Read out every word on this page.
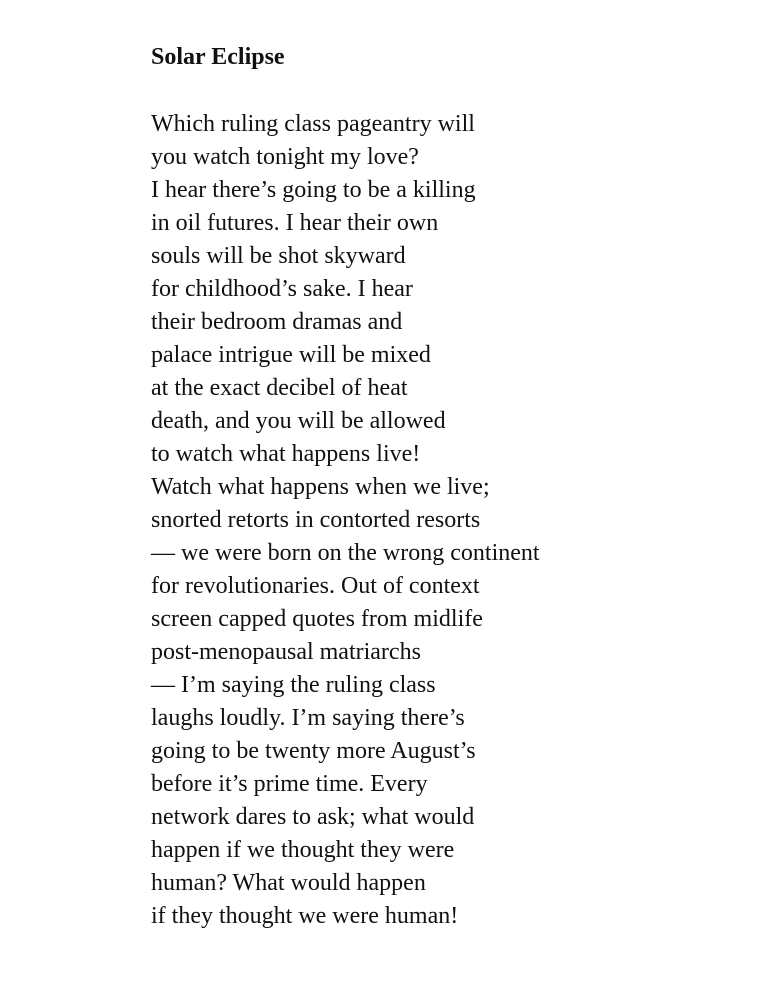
Solar Eclipse
Which ruling class pageantry will
you watch tonight my love?
I hear there’s going to be a killing
in oil futures. I hear their own
souls will be shot skyward
for childhood’s sake. I hear
their bedroom dramas and
palace intrigue will be mixed
at the exact decibel of heat
death, and you will be allowed
to watch what happens live!
Watch what happens when we live;
snorted retorts in contorted resorts
— we were born on the wrong continent
for revolutionaries. Out of context
screen capped quotes from midlife
post-menopausal matriarchs
— I’m saying the ruling class
laughs loudly. I’m saying there’s
going to be twenty more August’s
before it’s prime time. Every
network dares to ask; what would
happen if we thought they were
human? What would happen
if they thought we were human!
